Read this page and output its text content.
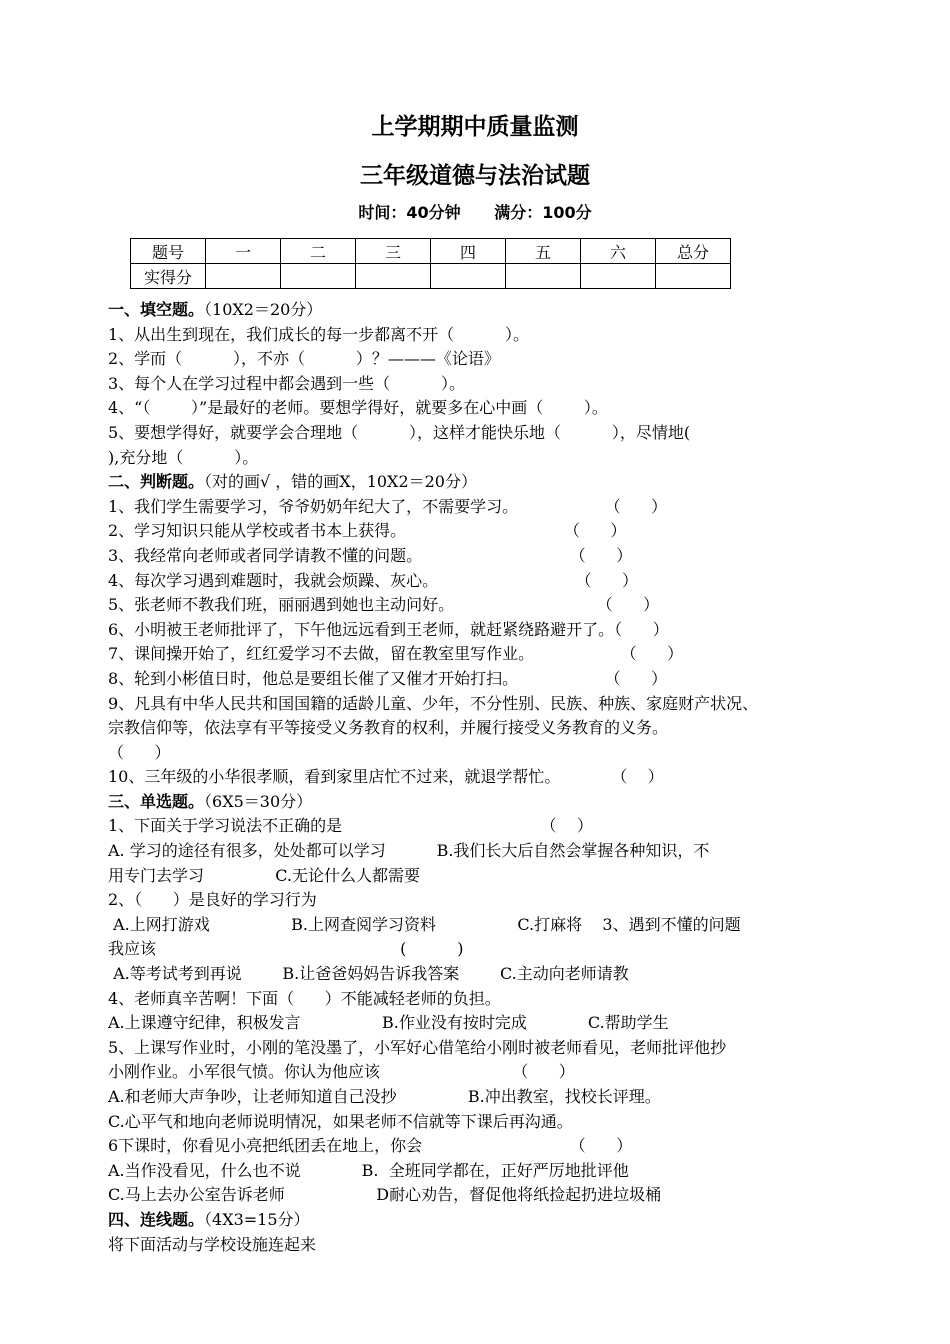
上学期期中质量监测
三年级道德与法治试题
时间：40分钟 满分：100分
题号	一	二	三	四	五	六	总分
实得分							
一、填空题。（10X2＝20分）
1、从出生到现在，我们成长的每一步都离不开（          ）。
2、学而（          ），不亦（          ）？———《论语》
3、每个人在学习过程中都会遇到一些（          ）。
4、“（        ）”是最好的老师。要想学得好，就要多在心中画（        ）。
5、要想学得好，就要学会合理地（          ），这样才能快乐地（          ），尽情地(
),充分地（          ）。
二、判断题。（对的画√ ，错的画X，10X2＝20分）
1、我们学生需要学习，爷爷奶奶年纪大了，不需要学习。                 （      ）
2、学习知识只能从学校或者书本上获得。                               （      ）
3、我经常向老师或者同学请教不懂的问题。                             （      ）
4、每次学习遇到难题时，我就会烦躁、灰心。                           （      ）
5、张老师不教我们班，丽丽遇到她也主动问好。                            （      ）
6、小明被王老师批评了，下午他远远看到王老师，就赶紧绕路避开了。（      ）
7、课间操开始了，红红爱学习不去做，留在教室里写作业。                 （      ）
8、轮到小彬值日时，他总是要组长催了又催才开始打扫。                 （      ）
9、凡具有中华人民共和国国籍的适龄儿童、少年，不分性别、民族、种族、家庭财产状况、
宗教信仰等，依法享有平等接受义务教育的权利，并履行接受义务教育的义务。
（      ）
10、三年级的小华很孝顺，看到家里店忙不过来，就退学帮忙。          （    ）
三、单选题。（6X5＝30分）
1、下面关于学习说法不正确的是                                       （    ）
A. 学习的途径有很多，处处都可以学习          B.我们长大后自然会掌握各种知识，不
用专门去学习              C.无论什么人都需要
2、（      ）是良好的学习行为
A.上网打游戏                B.上网查阅学习资料                C.打麻将    3、遇到不懂的问题
我应该                                                (          )
A.等考试考到再说        B.让爸爸妈妈告诉我答案        C.主动向老师请教
4、老师真辛苦啊！下面（      ）不能减轻老师的负担。
A.上课遵守纪律，积极发言                B.作业没有按时完成            C.帮助学生
5、上课写作业时，小刚的笔没墨了，小军好心借笔给小刚时被老师看见，老师批评他抄
小刚作业。小军很气愤。你认为他应该                          （      ）
A.和老师大声争吵，让老师知道自己没抄              B.冲出教室，找校长评理。
C.心平气和地向老师说明情况，如果老师不信就等下课后再沟通。
6下课时，你看见小亮把纸团丢在地上，你会                             （      ）
A.当作没看见，什么也不说            B.  全班同学都在，正好严厉地批评他
C.马上去办公室告诉老师                  D耐心劝告，督促他将纸捡起扔进垃圾桶
四、连线题。（4X3=15分）
将下面活动与学校设施连起来
